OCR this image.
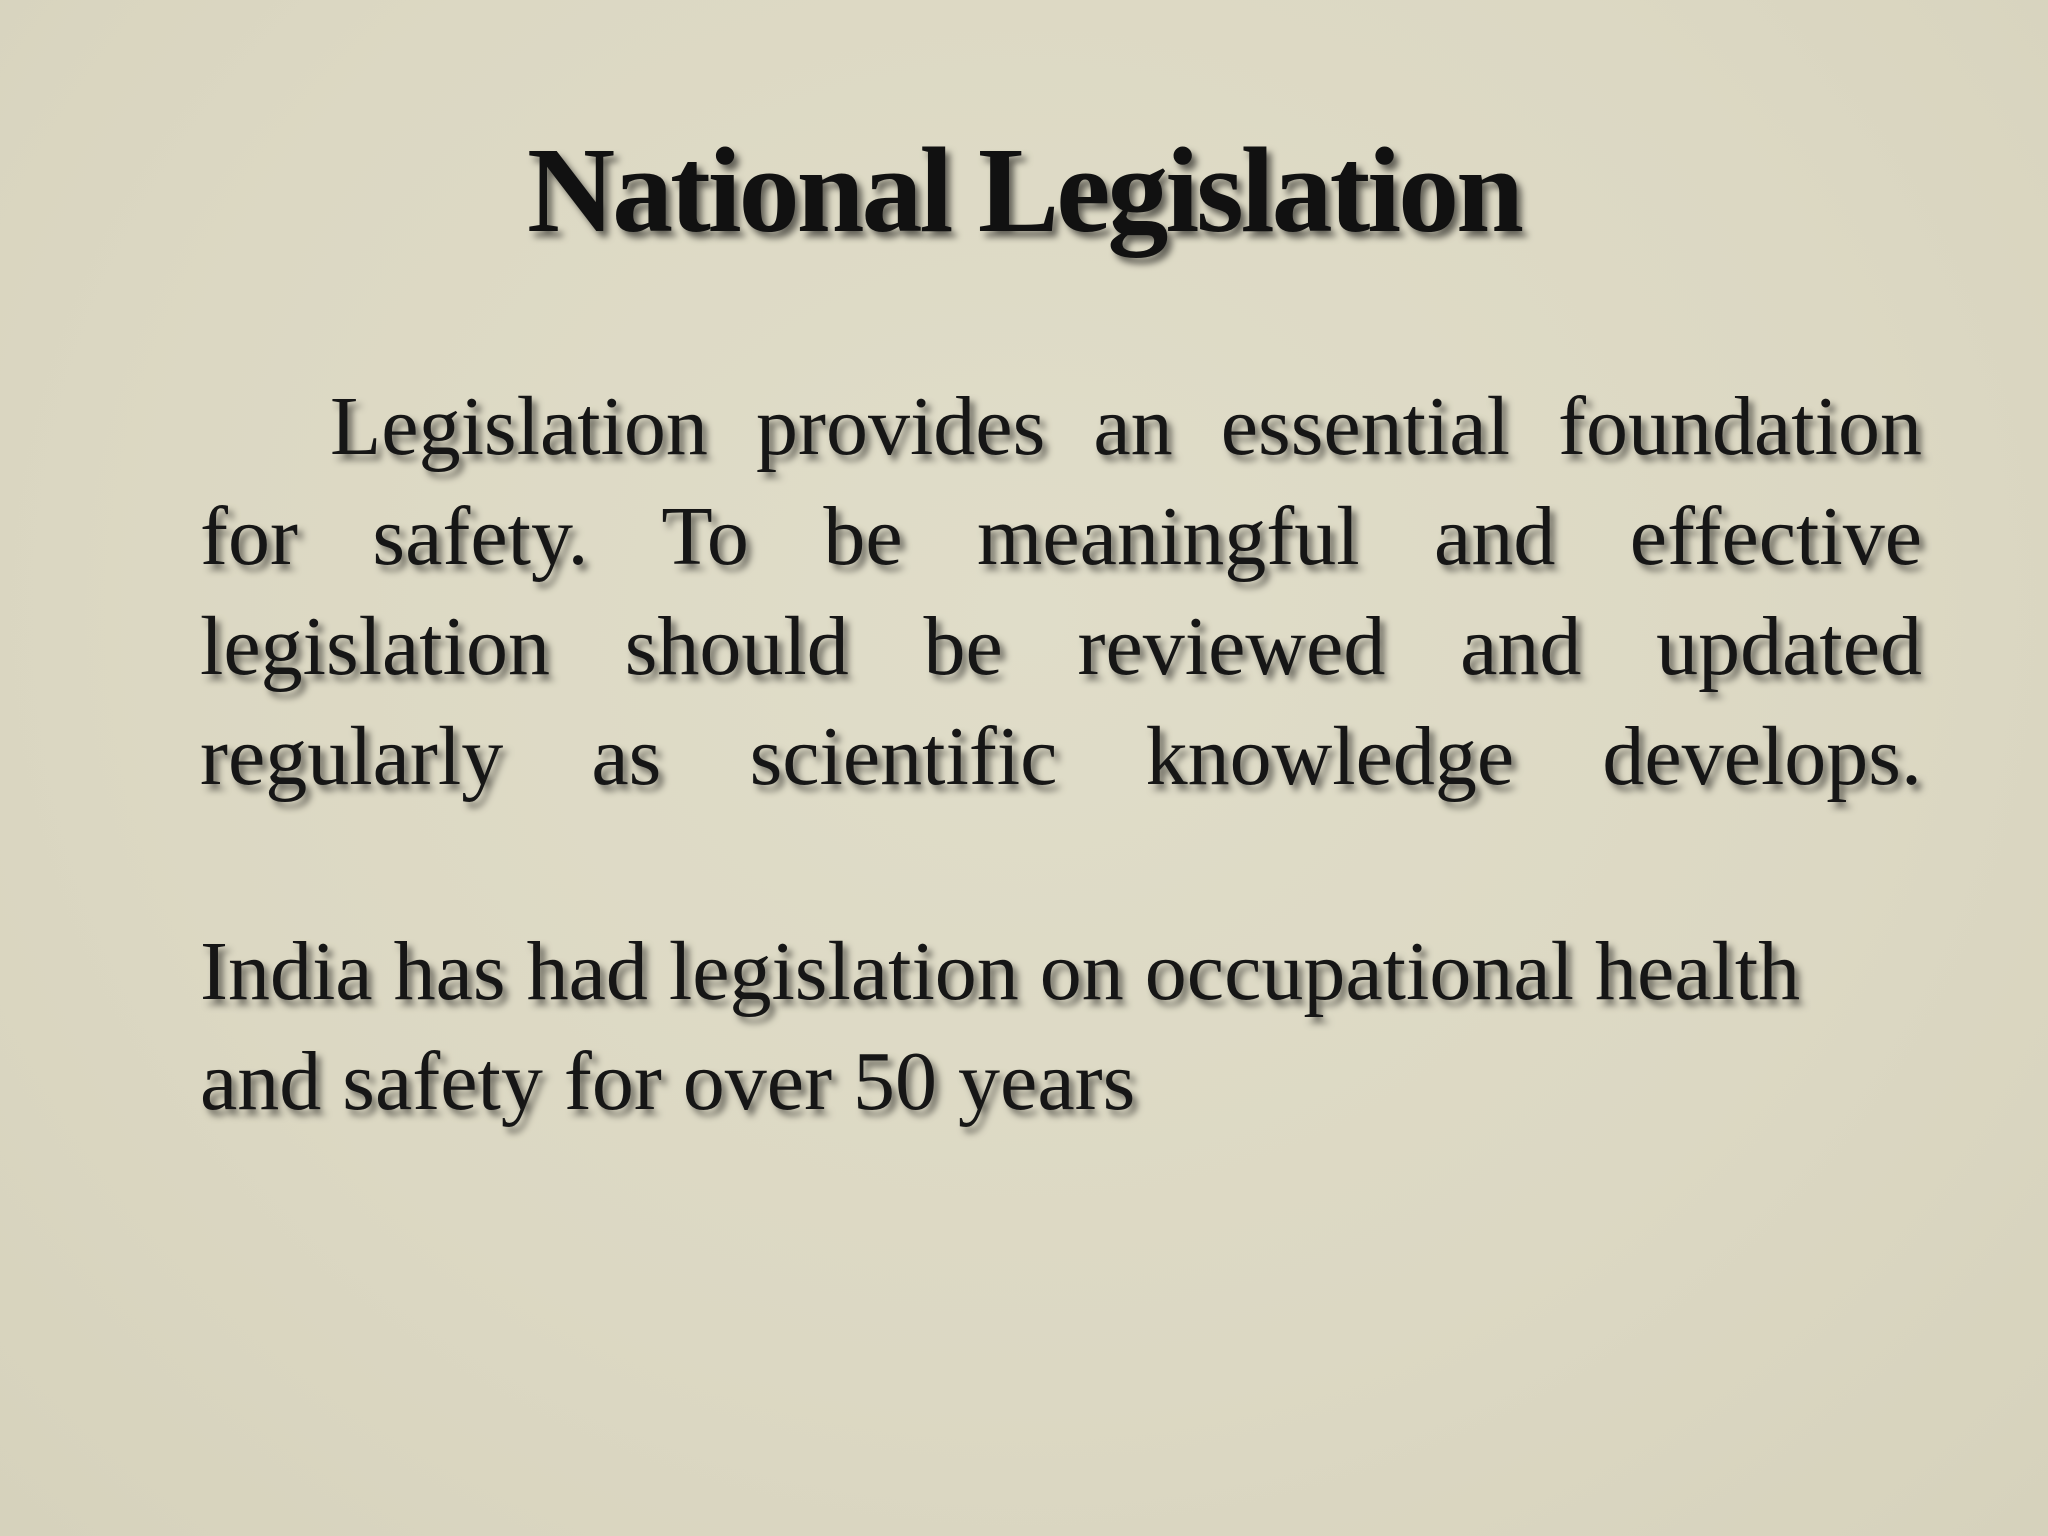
National Legislation
Legislation provides an essential foundation for safety. To be meaningful and effective legislation should be reviewed and updated regularly as scientific knowledge develops.
India has had legislation on occupational health and safety for over 50 years
